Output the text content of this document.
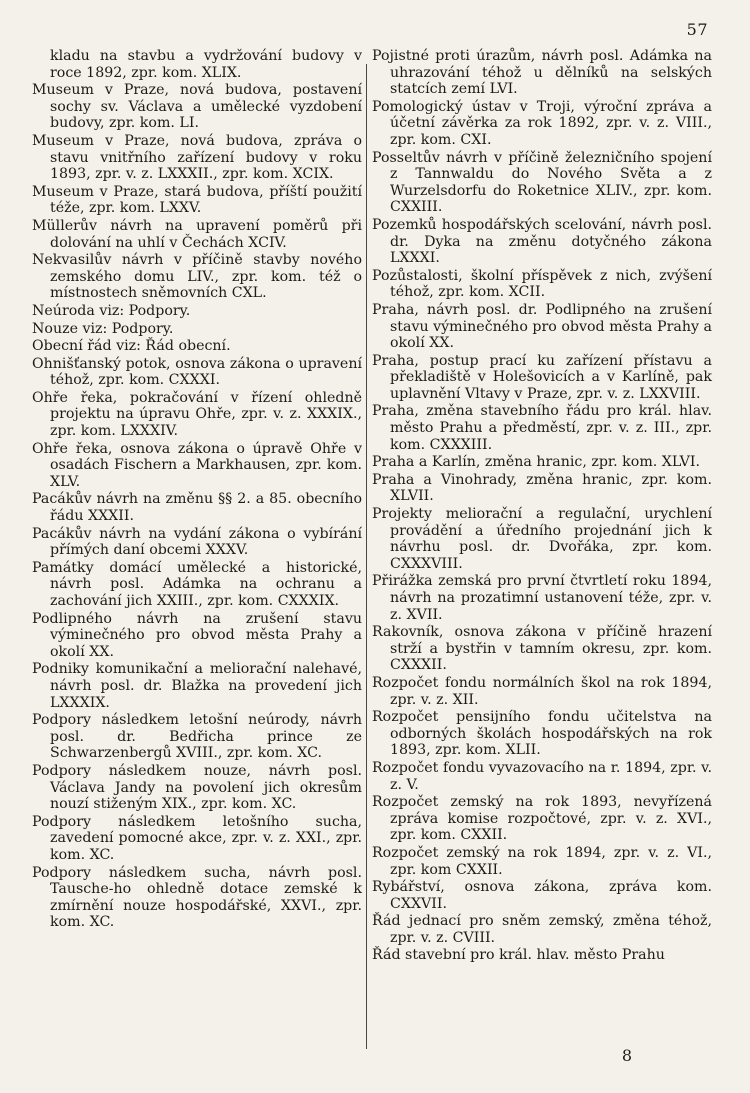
57
kladu na stavbu a vydržování budovy v roce 1892, zpr. kom. XLIX.
Museum v Praze, nová budova, postavení sochy sv. Václava a umělecké vyzdobení budovy, zpr. kom. LI.
Museum v Praze, nová budova, zpráva o stavu vnitřního zařízení budovy v roku 1893, zpr. v. z. LXXXII., zpr. kom. XCIX.
Museum v Praze, stará budova, příští použití téže, zpr. kom. LXXV.
Müllerův návrh na upravení poměrů při dolování na uhlí v Čechách XCIV.
Nekvasilův návrh v příčině stavby nového zemského domu LIV., zpr. kom. též o místnostech sněmovních CXL.
Neúroda viz: Podpory.
Nouze viz: Podpory.
Obecní řád viz: Řád obecní.
Ohnišťanský potok, osnova zákona o upravení téhož, zpr. kom. CXXXI.
Ohře řeka, pokračování v řízení ohledně projektu na úpravu Ohře, zpr. v. z. XXXIX., zpr. kom. LXXXIV.
Ohře řeka, osnova zákona o úpravě Ohře v osadách Fischern a Markhausen, zpr. kom. XLV.
Pacákův návrh na změnu §§ 2. a 85. obecního řádu XXXII.
Pacákův návrh na vydání zákona o vybírání přímých daní obcemi XXXV.
Památky domácí umělecké a historické, návrh posl. Adámka na ochranu a zachování jich XXIII., zpr. kom. CXXXIX.
Podlipného návrh na zrušení stavu výminečného pro obvod města Prahy a okolí XX.
Podniky komunikační a meliorační nalehavé, návrh posl. dr. Blažka na provedení jich LXXXIX.
Podpory následkem letošní neúrody, návrh posl. dr. Bedřicha prince ze Schwarzenbergů XVIII., zpr. kom. XC.
Podpory následkem nouze, návrh posl. Václava Jandy na povolení jich okresům nouzí stiženým XIX., zpr. kom. XC.
Podpory následkem letošního sucha, zavedení pomocné akce, zpr. v. z. XXI., zpr. kom. XC.
Podpory následkem sucha, návrh posl. Tausche-ho ohledně dotace zemské k zmírnění nouze hospodářské, XXVI., zpr. kom. XC.
Pojistné proti úrazům, návrh posl. Adámka na uhrazování téhož u dělníků na selských statcích zemí LVI.
Pomologický ústav v Troji, výroční zpráva a účetní závěrka za rok 1892, zpr. v. z. VIII., zpr. kom. CXI.
Posseltův návrh v příčině železničního spojení z Tannwaldu do Nového Světa a z Wurzelsdorfu do Roketnice XLIV., zpr. kom. CXXIII.
Pozemků hospodářských scelování, návrh posl. dr. Dyka na změnu dotyčného zákona LXXXI.
Pozůstalosti, školní příspěvek z nich, zvýšení téhož, zpr. kom. XCII.
Praha, návrh posl. dr. Podlipného na zrušení stavu výminečného pro obvod města Prahy a okolí XX.
Praha, postup prací ku zařízení přístavu a překladiště v Holešovicích a v Karlíně, pak uplavnění Vltavy v Praze, zpr. v. z. LXXVIII.
Praha, změna stavebního řádu pro král. hlav. město Prahu a předměstí, zpr. v. z. III., zpr. kom. CXXXIII.
Praha a Karlín, změna hranic, zpr. kom. XLVI.
Praha a Vinohrady, změna hranic, zpr. kom. XLVII.
Projekty meliorační a regulační, urychlení provádění a úředního projednání jich k návrhu posl. dr. Dvořáka, zpr. kom. CXXXVIII.
Přirážka zemská pro první čtvrtletí roku 1894, návrh na prozatimní ustanovení téže, zpr. v. z. XVII.
Rakovník, osnova zákona v příčině hrazení strží a bystřin v tamním okresu, zpr. kom. CXXXII.
Rozpočet fondu normálních škol na rok 1894, zpr. v. z. XII.
Rozpočet pensijního fondu učitelstva na odborných školách hospodářských na rok 1893, zpr. kom. XLII.
Rozpočet fondu vyvazovacího na r. 1894, zpr. v. z. V.
Rozpočet zemský na rok 1893, nevyřízená zpráva komise rozpočtové, zpr. v. z. XVI., zpr. kom. CXXII.
Rozpočet zemský na rok 1894, zpr. v. z. VI., zpr. kom CXXII.
Rybářství, osnova zákona, zpráva kom. CXXVII.
Řád jednací pro sněm zemský, změna téhož, zpr. v. z. CVIII.
Řád stavební pro král. hlav. město Prahu
8
